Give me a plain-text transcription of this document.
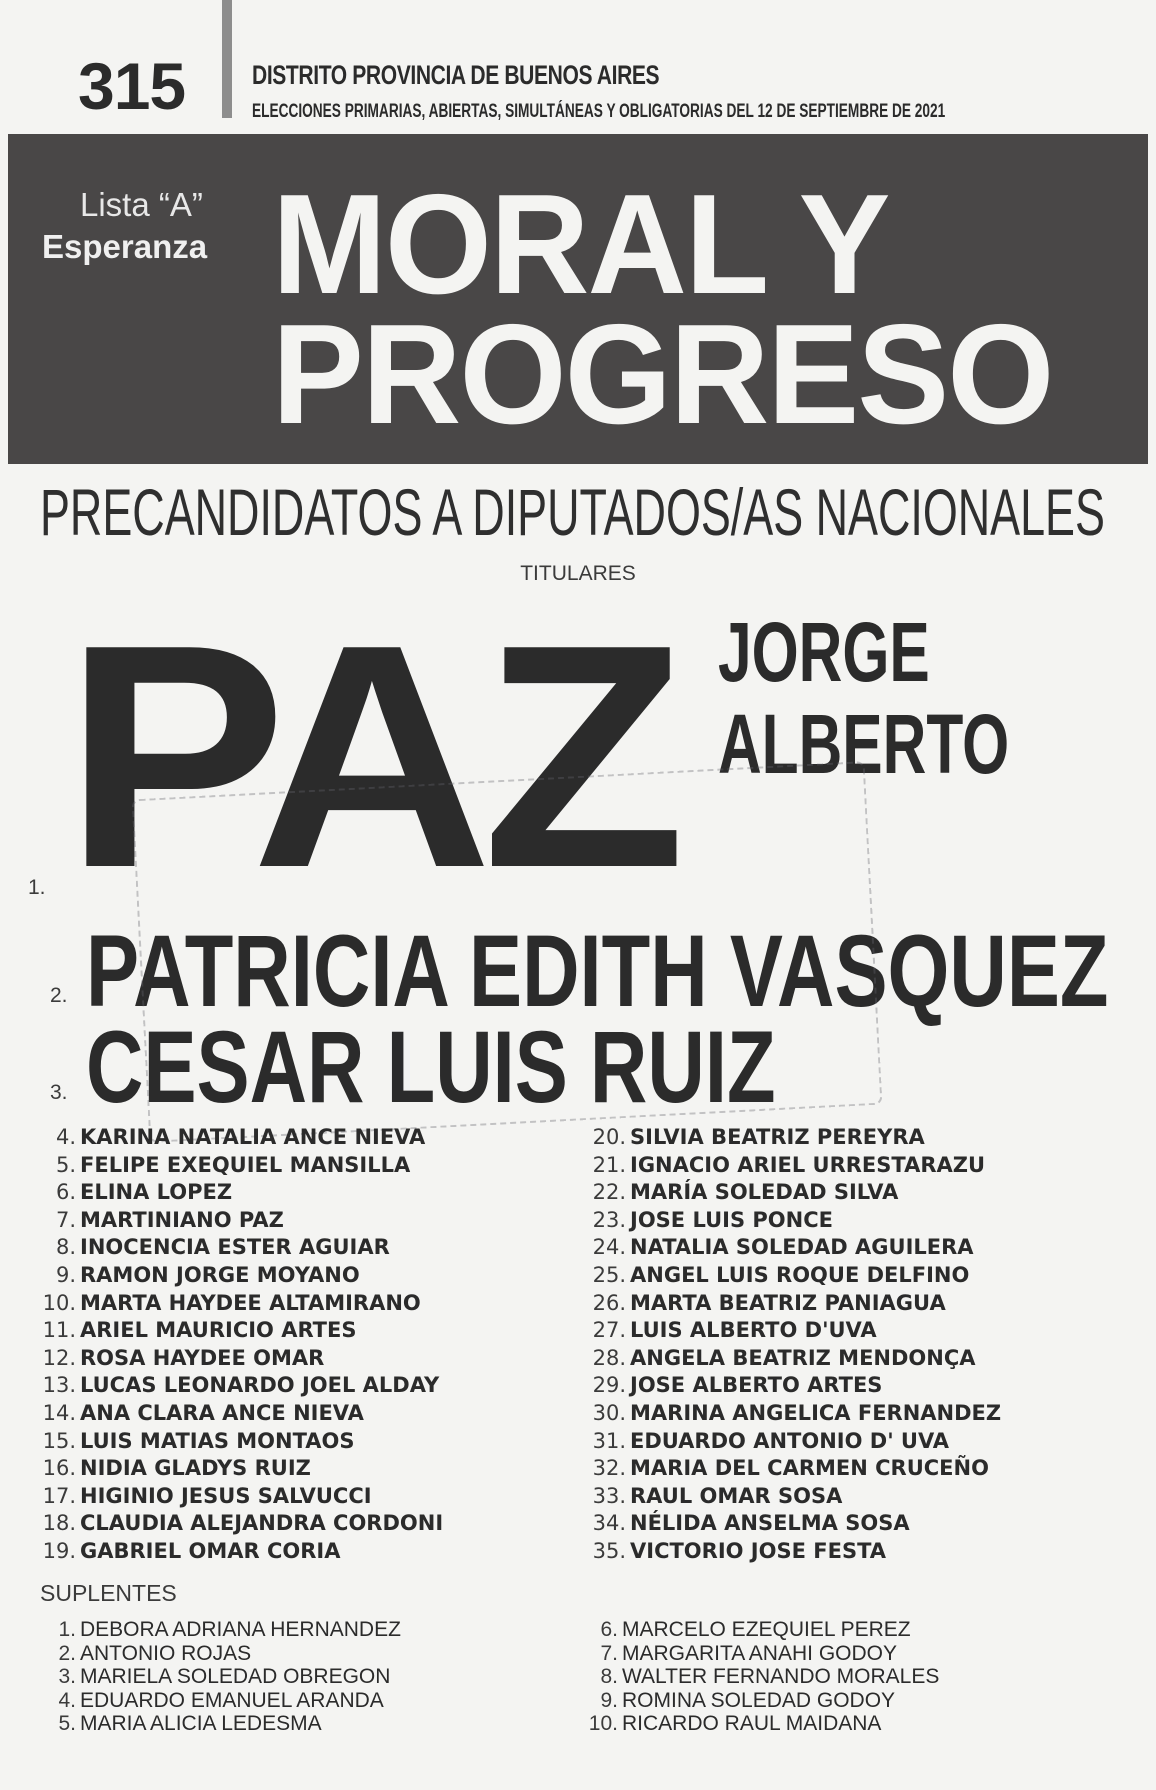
315 DISTRITO PROVINCIA DE BUENOS AIRES
ELECCIONES PRIMARIAS, ABIERTAS, SIMULTÁNEAS Y OBLIGATORIAS DEL 12 DE SEPTIEMBRE DE 2021
Lista “A”
Esperanza MORAL Y
PROGRESO
PRECANDIDATOS A DIPUTADOS/AS NACIONALES
TITULARES
PAZ JORGE
ALBERTO
1.
2. PATRICIA EDITH VASQUEZ
3. CESAR LUIS RUIZ
4. KARINA NATALIA ANCE NIEVA
5. FELIPE EXEQUIEL MANSILLA
6. ELINA LOPEZ
7. MARTINIANO PAZ
8. INOCENCIA ESTER AGUIAR
9. RAMON JORGE MOYANO
10. MARTA HAYDEE ALTAMIRANO
11. ARIEL MAURICIO ARTES
12. ROSA HAYDEE OMAR
13. LUCAS LEONARDO JOEL ALDAY
14. ANA CLARA ANCE NIEVA
15. LUIS MATIAS MONTAOS
16. NIDIA GLADYS RUIZ
17. HIGINIO JESUS SALVUCCI
18. CLAUDIA ALEJANDRA CORDONI
19. GABRIEL OMAR CORIA
20. SILVIA BEATRIZ PEREYRA
21. IGNACIO ARIEL URRESTARAZU
22. MARÍA SOLEDAD SILVA
23. JOSE LUIS PONCE
24. NATALIA SOLEDAD AGUILERA
25. ANGEL LUIS ROQUE DELFINO
26. MARTA BEATRIZ PANIAGUA
27. LUIS ALBERTO D'UVA
28. ANGELA BEATRIZ MENDONÇA
29. JOSE ALBERTO ARTES
30. MARINA ANGELICA FERNANDEZ
31. EDUARDO ANTONIO D' UVA
32. MARIA DEL CARMEN CRUCEÑO
33. RAUL OMAR SOSA
34. NÉLIDA ANSELMA SOSA
35. VICTORIO JOSE FESTA
SUPLENTES
1. DEBORA ADRIANA HERNANDEZ
2. ANTONIO ROJAS
3. MARIELA SOLEDAD OBREGON
4. EDUARDO EMANUEL ARANDA
5. MARIA ALICIA LEDESMA
6. MARCELO EZEQUIEL PEREZ
7. MARGARITA ANAHI GODOY
8. WALTER FERNANDO MORALES
9. ROMINA SOLEDAD GODOY
10. RICARDO RAUL MAIDANA
